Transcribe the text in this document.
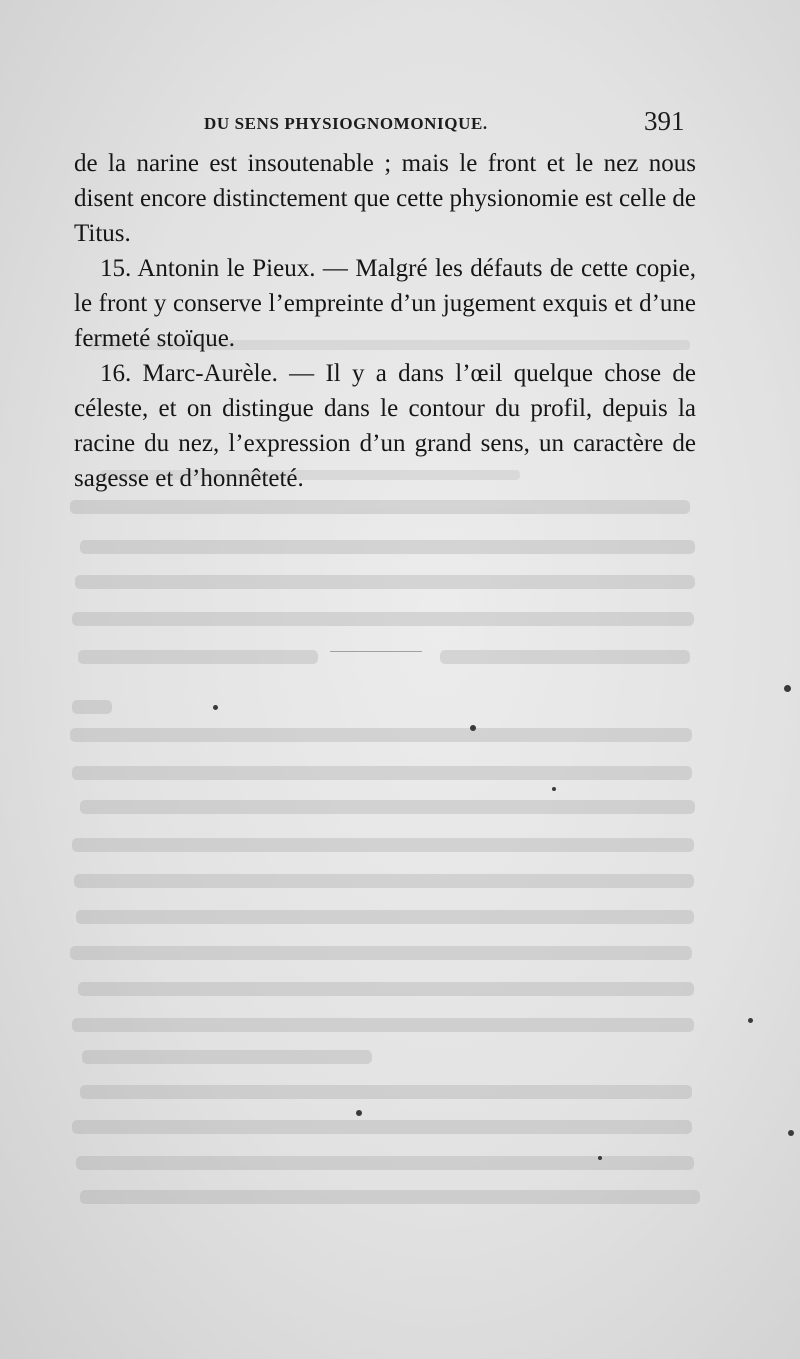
DU SENS PHYSIOGNOMONIQUE.	391

de la narine est insoutenable ; mais le front et le nez nous disent encore distinctement que cette physionomie est celle de Titus.

15. Antonin le Pieux. — Malgré les défauts de cette copie, le front y conserve l’empreinte d’un jugement exquis et d’une fermeté stoïque.

16. Marc-Aurèle. — Il y a dans l’œil quelque chose de céleste, et on distingue dans le contour du profil, depuis la racine du nez, l’expression d’un grand sens, un caractère de sagesse et d’honnêteté.
